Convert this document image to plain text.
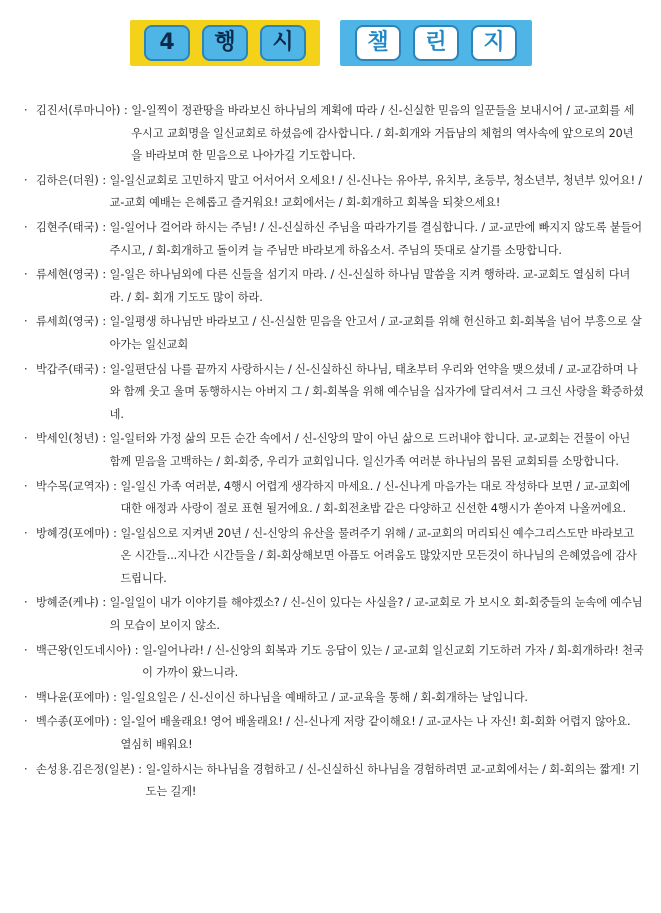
4	행	시	챌	린	지
· 김진서(루마니아) : 일-일찍이 정관땅을 바라보신 하나님의 계획에 따라 / 신-신실한 믿음의 일꾼들을 보내시어 / 교-교회를 세우시고 교회명을 일신교회로 하셨음에 감사합니다. / 회-회개와 거듭남의 체험의 역사속에 앞으로의 20년을 바라보며 한 믿음으로 나아가길 기도합니다.
· 김하은(더원) : 일-일신교회로 고민하지 말고 어서어서 오세요! / 신-신나는 유아부, 유치부, 초등부, 청소년부, 청년부 있어요! / 교-교회 예배는 은혜롭고 즐거워요! 교회에서는 / 회-회개하고 회복을 되찾으세요!
· 김현주(태국) : 일-일어나 걸어라 하시는 주님! / 신-신실하신 주님을 따라가기를 결심합니다. / 교-교만에 빠지지 않도록 붙들어 주시고, / 회-회개하고 돌이켜 늘 주님만 바라보게 하옵소서. 주님의 뜻대로 살기를 소망합니다.
· 류세현(영국) : 일-일은 하나님외에 다른 신들을 섬기지 마라. / 신-신실하 하나님 말씀을 지켜 행하라. 교-교회도 열심히 다녀라. / 회- 회개 기도도 많이 하라.
· 류세희(영국) : 일-일평생 하나님만 바라보고 / 신-신실한 믿음을 안고서 / 교-교회를 위해 헌신하고 회-회복을 넘어 부흥으로 살아가는 일신교회
· 박갑주(태국) : 일-일편단심 나를 끝까지 사랑하시는 / 신-신실하신 하나님, 태초부터 우리와 언약을 맺으셨네 / 교-교감하며 나와 함께 웃고 울며 동행하시는 아버지 그 / 회-회복을 위해 예수님을 십자가에 달리셔서 그 크신 사랑을 확증하셨네.
· 박세인(청년) : 일-일터와 가정 삶의 모든 순간 속에서 / 신-신앙의 말이 아닌 삶으로 드러내야 합니다. 교-교회는 건물이 아닌 함께 믿음을 고백하는 / 회-회중, 우리가 교회입니다. 일신가족 여러분 하나님의 몸된 교회되를 소망합니다.
· 박수목(교역자) : 일-일신 가족 여러분, 4행시 어렵게 생각하지 마세요. / 신-신나게 마음가는 대로 작성하다 보면 / 교-교회에 대한 애정과 사랑이 절로 표현 될거에요. / 회-회전초밥 같은 다양하고 신선한 4행시가 쏟아져 나올꺼에요.
· 방혜경(포에마) : 일-일심으로 지켜낸 20년 / 신-신앙의 유산을 물려주기 위해 / 교-교회의 머리되신 예수그리스도만 바라보고 온 시간들...지나간 시간들을 / 회-회상해보면 아픔도 어려움도 많았지만 모든것이 하나님의 은혜였음에 감사드립니다.
· 방혜준(케냐) : 일-일일이 내가 이야기를 해야겠소? / 신-신이 있다는 사실을? / 교-교회로 가 보시오 회-회중들의 눈속에 예수님의 모습이 보이지 않소.
· 백근왕(인도네시아) : 일-일어나라! / 신-신앙의 회복과 기도 응답이 있는 / 교-교회 일신교회 기도하러 가자 / 회-회개하라! 천국이 가까이 왔느니라.
· 백나윤(포에마) : 일-일요일은 / 신-신이신 하나님을 예배하고 / 교-교육을 통해 / 회-회개하는 날입니다.
· 벡수종(포에마) : 일-일어 배울래요! 영어 배울래요! / 신-신나게 저랑 같이해요! / 교-교사는 나 자신! 회-회화 어렵지 않아요. 열심히 배워요!
· 손성용.김은정(일본) : 일-일하시는 하나님을 경험하고 / 신-신실하신 하나님을 경험하려면 교-교회에서는 / 회-회의는 짧게! 기도는 길게!
